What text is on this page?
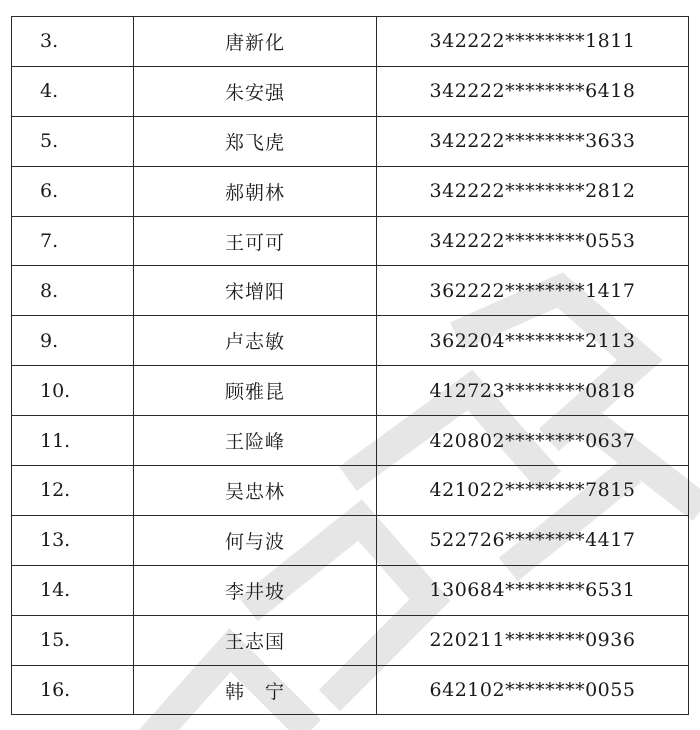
3.	唐新化	342222********1811
4.	朱安强	342222********6418
5.	郑飞虎	342222********3633
6.	郝朝林	342222********2812
7.	王可可	342222********0553
8.	宋增阳	362222********1417
9.	卢志敏	362204********2113
10.	顾雅昆	412723********0818
11.	王险峰	420802********0637
12.	吴忠林	421022********7815
13.	何与波	522726********4417
14.	李井坡	130684********6531
15.	王志国	220211********0936
16.	韩　宁	642102********0055
